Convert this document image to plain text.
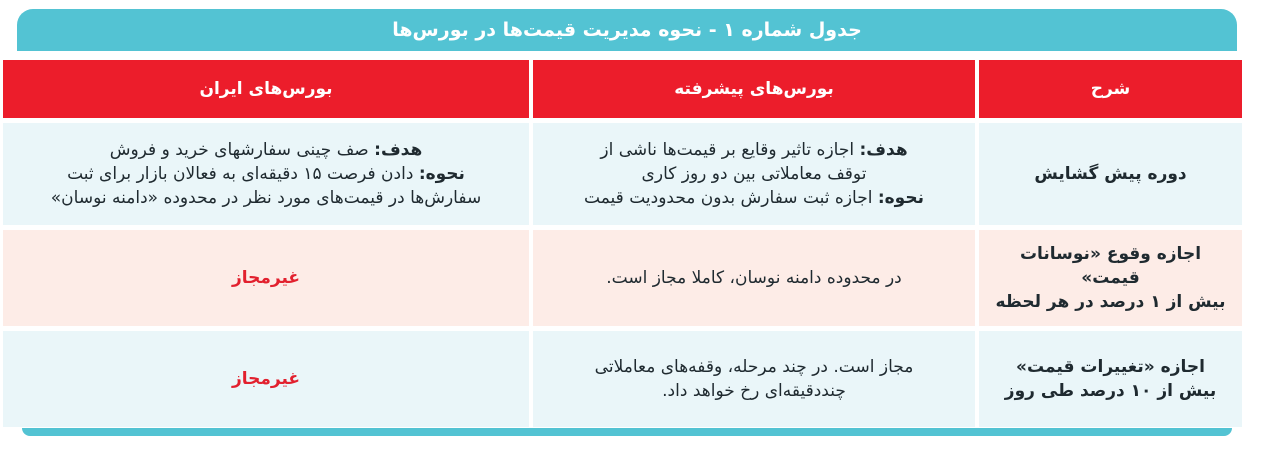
جدول شماره ۱ - نحوه مدیریت قیمت‌ها در بورس‌ها
شرح
بورس‌های پیشرفته
بورس‌های ایران
دوره پیش گشایش
هدف: اجازه تاثیر وقایع بر قیمت‌ها ناشی از
توقف معاملاتی بین دو روز کاری
نحوه: اجازه ثبت سفارش بدون محدودیت قیمت
هدف: صف چینی سفارشهای خرید و فروش
نحوه: دادن فرصت ۱۵ دقیقه‌ای به فعالان بازار برای ثبت
سفارش‌ها در قیمت‌های مورد نظر در محدوده «دامنه نوسان»
اجازه وقوع «نوسانات قیمت»
بیش از ۱ درصد در هر لحظه
در محدوده دامنه نوسان، کاملا مجاز است.
غیرمجاز
اجازه «تغییرات قیمت»
بیش از ۱۰ درصد طی روز
مجاز است. در چند مرحله، وقفه‌های معاملاتی
چنددقیقه‌ای رخ خواهد داد.
غیرمجاز
